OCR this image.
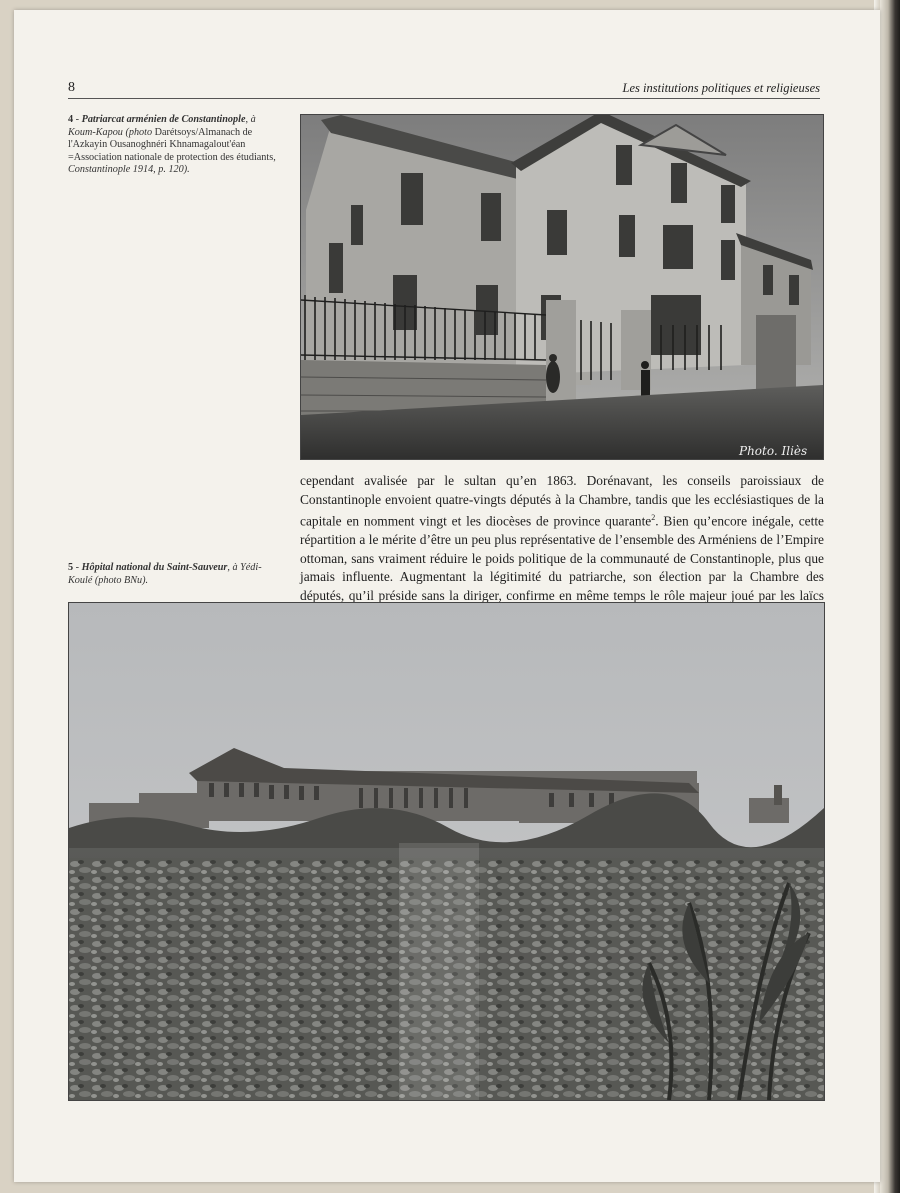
8	Les institutions politiques et religieuses
4 - Patriarcat arménien de Constantinople, à Koum-Kapou (photo Darétsoys/Almanach de l'Azkayin Ousanoghnéri Khnamagalout'éan =Association nationale de protection des étudiants, Constantinople 1914, p. 120).
Photo. Iliès
cependant avalisée par le sultan qu’en 1863. Dorénavant, les conseils paroissiaux de Constantinople envoient quatre-vingts députés à la Chambre, tandis que les ecclésiastiques de la capitale en nomment vingt et les diocèses de province quarante$^2$. Bien qu’encore inégale, cette répartition a le mérite d’être un peu plus représentative de l’ensemble des Arméniens de l’Empire ottoman, sans vraiment réduire le poids politique de la communauté de Constantinople, plus que jamais influente. Augmentant la légitimité du patriarche, son élection par la Chambre des députés, qu’il préside sans la diriger, confirme en même temps le rôle majeur joué par les laïcs
5 - Hôpital national du Saint-Sauveur, à Yédi-Koulé (photo BNu).
